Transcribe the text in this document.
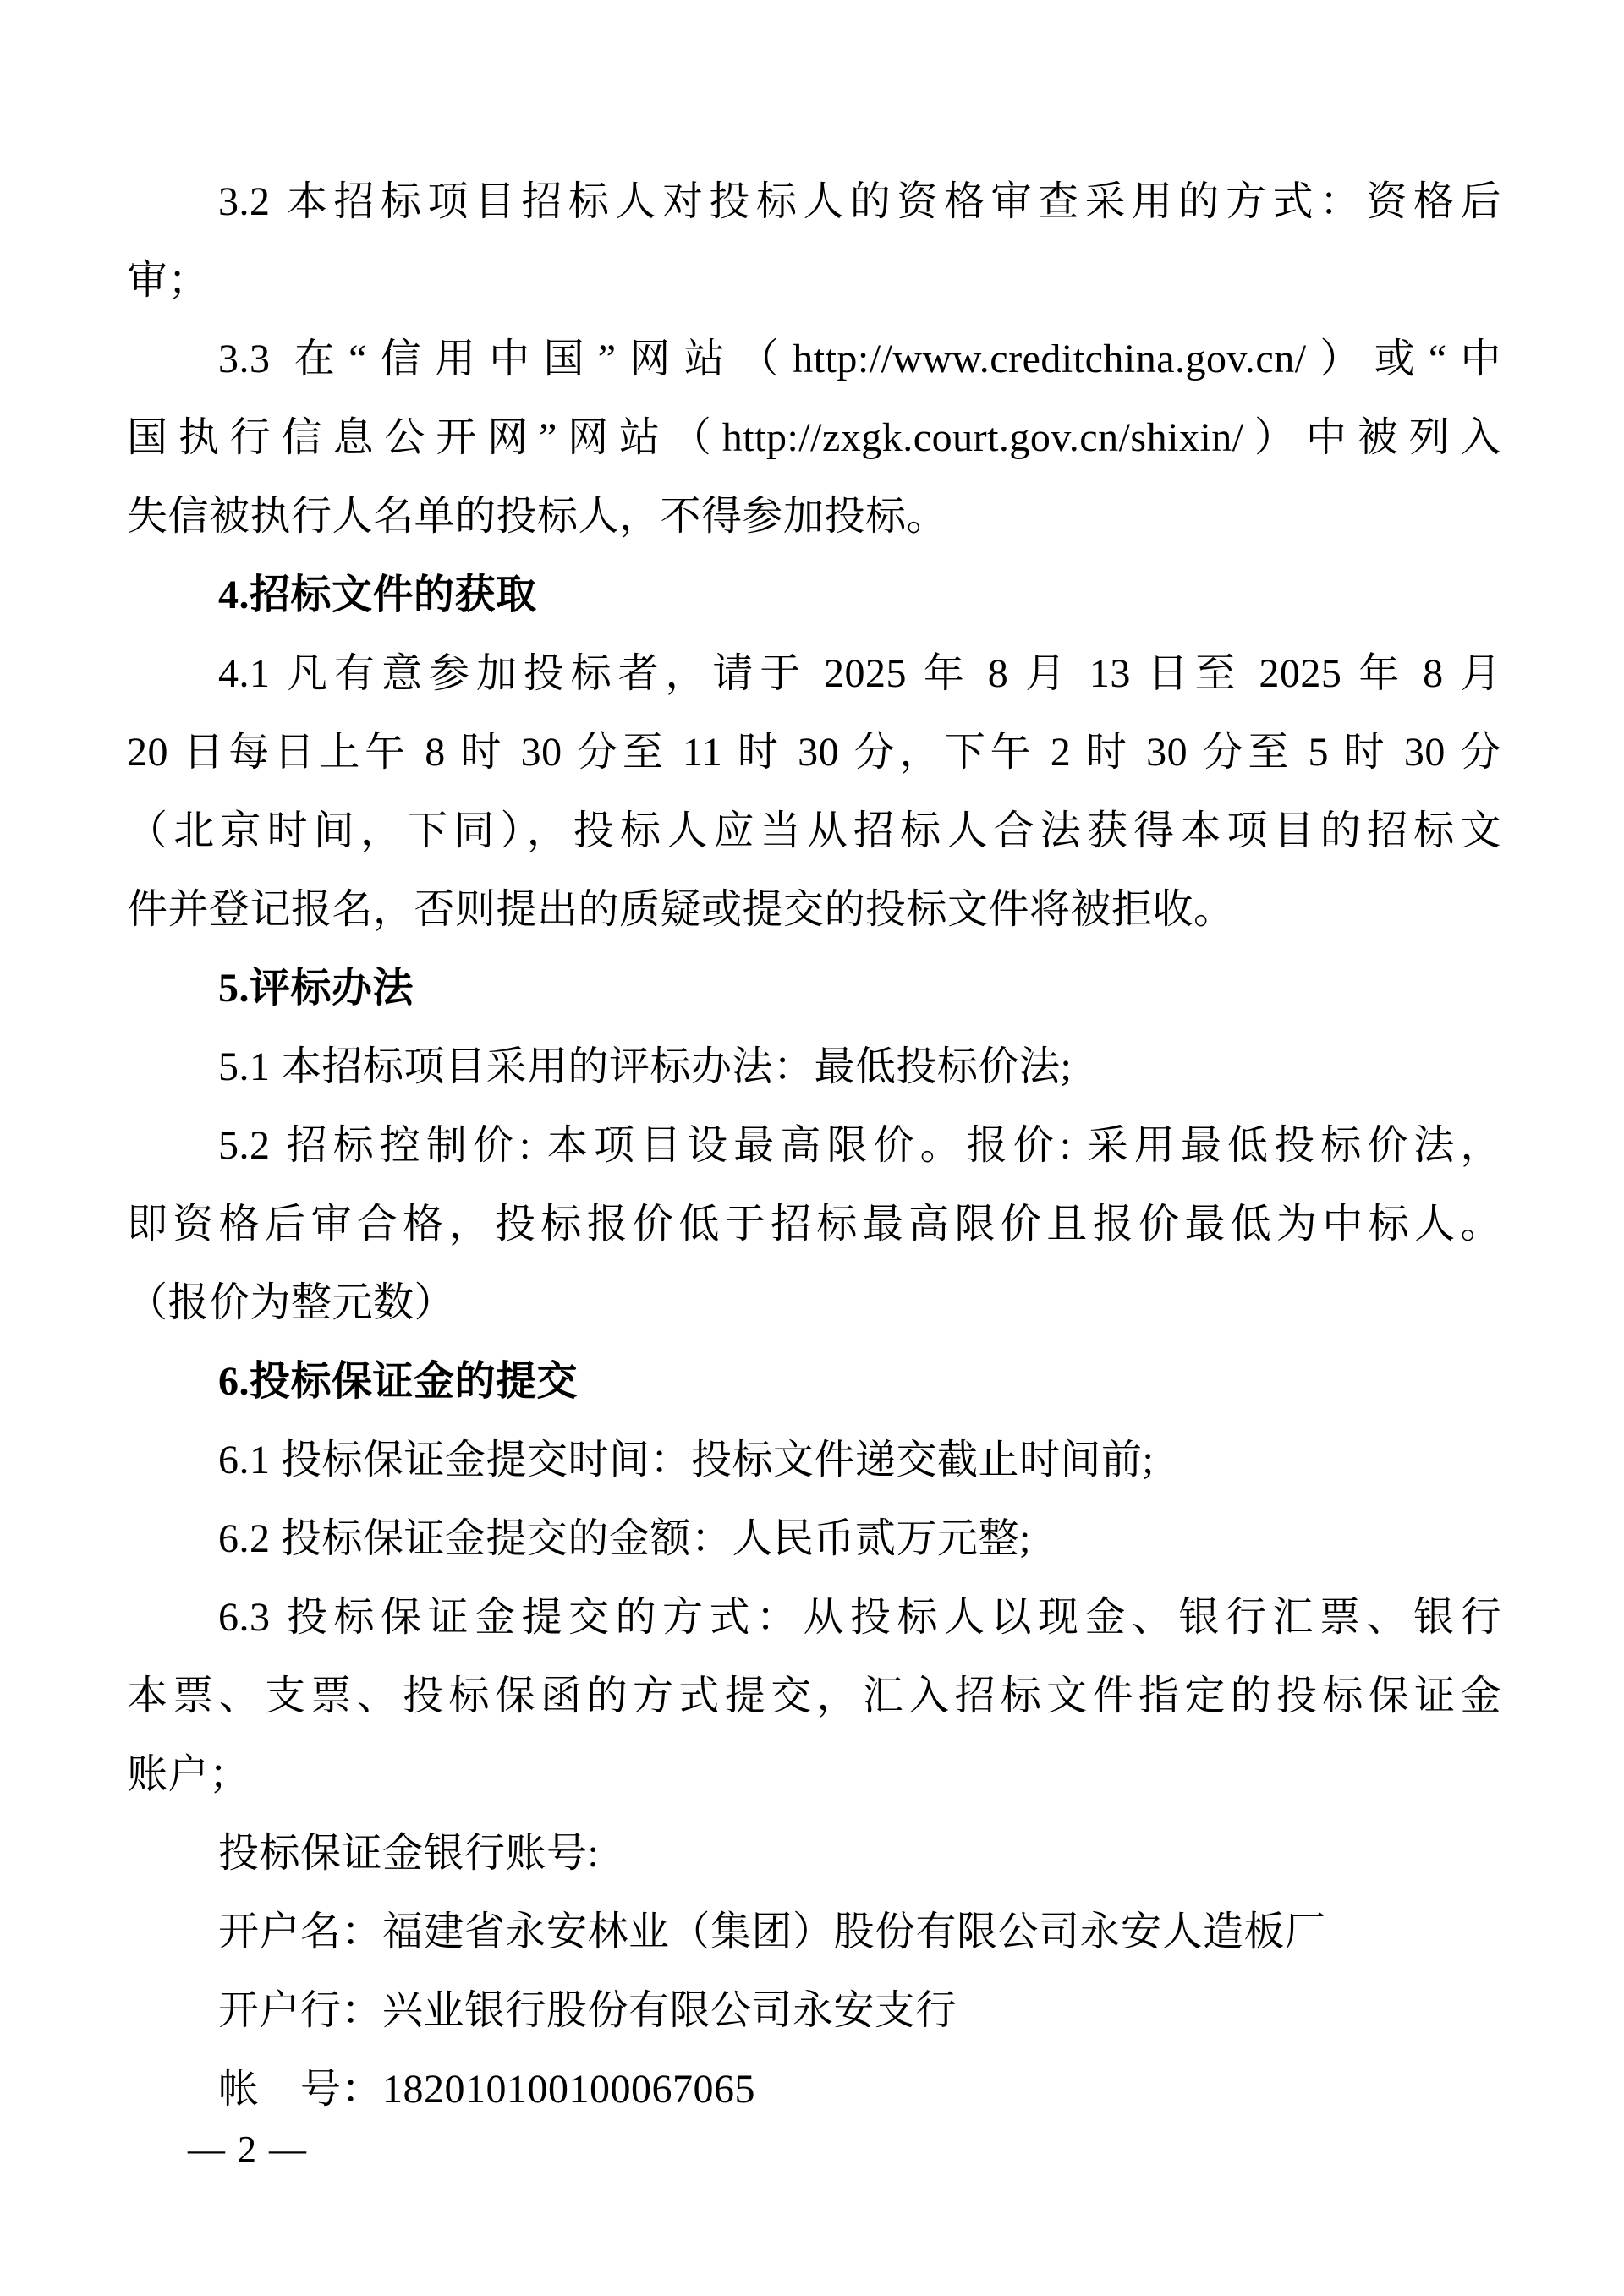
3.2 本招标项目招标人对投标人的资格审查采用的方式：资格后
审；
3.3 在“信用中国”网站（http://www.creditchina.gov.cn/）或“中
国执行信息公开网”网站（http://zxgk.court.gov.cn/shixin/）中被列入
失信被执行人名单的投标人，不得参加投标。
4.招标文件的获取
4.1 凡有意参加投标者，请于 2025 年 8 月 13 日至 2025 年 8 月
20 日每日上午 8 时 30 分至 11 时 30 分，下午 2 时 30 分至 5 时 30 分
（北京时间，下同），投标人应当从招标人合法获得本项目的招标文
件并登记报名，否则提出的质疑或提交的投标文件将被拒收。
5.评标办法
5.1 本招标项目采用的评标办法：最低投标价法;
5.2 招标控制价: 本项目设最高限价。报价: 采用最低投标价法，
即资格后审合格，投标报价低于招标最高限价且报价最低为中标人。
（报价为整元数）
6.投标保证金的提交
6.1 投标保证金提交时间：投标文件递交截止时间前;
6.2 投标保证金提交的金额：人民币贰万元整;
6.3 投标保证金提交的方式：从投标人以现金、银行汇票、银行
本票、支票、投标保函的方式提交，汇入招标文件指定的投标保证金
账户；
投标保证金银行账号:
开户名：福建省永安林业（集团）股份有限公司永安人造板厂
开户行：兴业银行股份有限公司永安支行
帐　号：182010100100067065
— 2 —
